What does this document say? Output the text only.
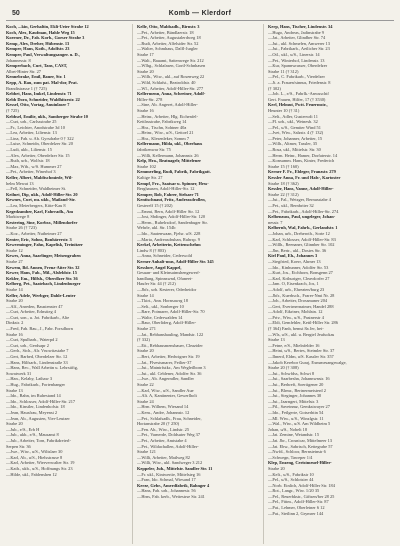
50	Komb — Klerdorf
Koch, ...kin, Gerhaltin, Ekli-Ueier Strabe 12
Koch, Alex, Kaufman, Hahle Weg 15
Koerner, Dr., Fab. Korb., Goeser Strabe 3
Kemp, Alex, Dreher, Hübenstr. 13
Kemper, Hans, Koth., Adolfstr. 23
Kemper, Paul, Verwaltungsanger. u. D.,
Johannesstr. 8
Kemperbach, Curt, Tans, CAST,
Albet-Hinter Str. 27
Kennebrake, Emil, Bauer, Str. 1
Kepp, A. Rau, zum pat. Mal-dor, Prat.
Brandtstrasse 1 († 725)
Kebbet, Hans, Imkel, Lindenstr. 71
Kebb Dora, Schneider, Waldhitzestr. 22
Kessel, Otto, Vortag, Anuinlaser 7
(† 725)
Kebbsel, Emilie, ukb., Samberger Strabe 10
—Curt, urb., Carlssstrabe 25
—Fr., Leichter, Anodstrabe 3d 10
—Lea, Arbeiter, Lilienstr. 13
—Lina, Fab. u. Ab. Gyrsdrabe 0 † 322
—Luise, Schneidn, Oberdelzer Str. 20
—Ludi, ukb., Lilienstr. 15
—Alex, Arbeiter, Oberdelzer Str. 15
—Ruth, urb., Wolfstr. 18
—Max, Wtb., w/S. Hummer 27
—Pet., Arbeiter, Winerhof 3
Keller, Albert, Maldtschmiede, Wil-
helm Mewat 13
—Fell, Schneider, Waldheimer St.
Keilnet, Dip, ukb., Adolf-Hiller-Str. 20
Kewnes, Curt, nu. ukb., Mailand-Str.
—Lea, Meierbergers, Kitte-Kau 8
Kegedzamber, Karl, Fahrradh., Am
Marktwege 8
Kestering, Sine, Korbsr., Millendorfer
Strabe 26 († 723)
—Koz., Arbeiter, Nutbeimer 27
Kenter, Eric, Sohns, Bonhärerstr. 3
Kewerminger, Fahn, Kapelisk, Treinitzer
Strabe 12
Kewes, Anna, Saarlinger, Meisengraben
Strabe 27
Kewem, Bd. Annen, Frenz-Aiter Str. 32
Kewer, Hans, Fab., Mil., Alsfeldstr. 15
Kekler, Em., Hilfsh., Oberdlzer Str. 36
Kelberg, Pet., Saatebach, Lindenburger
Strabe 14
Keller, Adele, Werbger, Dahle-Lenter
Strabe 20
—Alf., Anreden, Baustenster 47
—Curt, Arbeiter, Erlnstieg 4
—Curt, son., u. Jot. Fabrikarb., Alte
Dinkstr. 2
—Fred, Fab. Bau., J., Fabr. Forsdhorn
Strabe 16
—Curt, Spulbarb., Waterpd 2
—Curt, urb., Gerdsapr 2
—Gerh., Sich., Alr. Vnowitzstabe 7
—Gert, Barbed, Oberdelzer Str. 12
—Hans, Hilfsarb., Lindenstraße 33
—Hans, Rec., Wall Arbeitn u. Lehrstiftg,
Sowatwerk 31
—Han., Kelaby, Lathaw 3
—Hug., Fabrikarb., Fortenbanger
Strabe 13
—Ido., Bahn, im Ruhestand 14
—Ido., Schlosser, Adolf-Hiller-Str. 217
—Ido., Kinstler, Lindenhofstr. 18
—Jean, Hausfrau, Meyenst 2
—Jean, Ab., Augusten, Vier-Leutzer
Strabe 20
—Jub., e/S., Erb H
—Jub., ukb., e/S., Mausanst 8
—Jub., Arbeiter, Torn, Fabrikdreierl-
Serpen Str. 36
—Jwe., Wtw., u/S., Wiltslaer 30
—Karl, Ab., u/S., Hielsstrasse 8
—Karl, Arbeiter, Wierverwalter Str. 19
—Kath., ukb., u/S., Hoffnungs Str. 23
—Hilde, ukl., Fablenshen 12
Kelle, Otto, Maldsadh., Birnstr. 3
—Pet., Arbeiter, Bündlaerstr. 18
—Pet., Arbeiter, Augustalerdweg 18
—Rudi, Arbeiter, Alfelsider Str. 52
—Walter, Schmhaus, Dalfl-Jurgler
Strabe 17
—Walt., Bauamt, Sattenwege Str. 212
—Wlhg., Schlafasen, Gortl-Schnhasen
Strabe 20
—Wilh., Wtw., ukl., auf Rosenweg 22
—Wild, Schlafst., Beatroldstr. 40
—Wl., Arbeiter, Adolf-Hiller-Str. 277
Kellermenn, Anna, Schreiner, Adolf-
Hiller-Str. 278
—Sine, Ab. Angeret, Adolf-Hiller-
Strabe 16
—Heinr., Arbeiter, Hlg. Eichenfel-
Kettlrustrabe, Fabrikweg 14
—Hra., Tischn, Sohtner 40a
—Heinr., Wtw., u/S., Gettoel 21
—Hra., Klesenleker, Somm 7
Kellermann, Hilda, ukl., Oberhaus
fabrikenwar Str. 75
—Willi, Kellermann, Johannstr. 26
Kelp, Hra., Beatnagelr, Mittelener
Strabe 102
Kemmerling, Rudi, Fabrik, Fabrikgatt.
Kaltige Str. 27
Kempf, Frz., Saatsar u. Spinner, Hess-
Berghausen, Adolf-Hiller-Str. 12
Kemper, Bob, Fahrer, Sielsaer 71
Kentischnaut, Fritz, Andreasdrollen,
Gesterelf 15 († 202)
—Emmi, Bern, Adolf-Hiller Str. 12
—Jost, Sbdinger, Adolf-Hiller-Str. 120
—Herm., Ruhelrsdorf, Sandenbuger Str.
Wehrle, ukl. Str. 154b
—Ido., Saatenwaan, Fjelsr. u/S. 228
—Marta, Andreasdruhan, Ruhrsp. 9
Kerkel, Arbeiterin, Kettenschehm
Lindw 8 († 803)
—Anna, Schneider, Cederwold
Kerner Anhalt-mus, Adolf-Hiller Str. 345
Kesslorr, Angel Kappel,
Gesuan- und Kleinsaimshengewerf-
handlung, Spinnswnd, Ofaneet-
Haufer Str. 44 († 212)
—Jbfr., urb. Kesterer, Oderheidor
Strabe 14
—Tkirt., Ann. Hornsawrg 18
—Selt., ukl., Sonberger 10
—Rare, Poimarer, Adolf-Hiller-Str. 70
—Walte, Cederwalden 14
—Baur, Oberliderg, Adolf-Hiller-
Strabe 271
—Jat., Rebhanshauling, Mandstr. 122
(† 332)
—Eit., Rebhausmensbauer, Cleazider
Strabe 20
—Bert, Arbeiter, Hedwigner Str. 19
—Jat., Flvestsmarer, Feilier-37
—Jut., Matnirfutkr., Am Wegleilborn 3
—Jut., ukl. Ceblener, Adolfer Str. 36
—Jwe., Ab. Angerndler, Sandler
Strabe 22
—Karl, Wtw., u/S., Sandler Aue
—Alt. A, Kantinenter, Gewerlholt
Strabe 24
—Hrm. Wilhem, Wiesand 14
—Kem., Andre, Johannstr. 12
—Pet., Schlafsadh., Frau, Schneider,
Hortanstrabe 20 († 250)
—Fen. Ab., Wtw., Lindstr. 25
—Pet., Varnerde, Doldsuter Weg 37
—Pet., Arbeiter, Amtstabe 4
—Pet., Wildachallen, Adolf-Hiller-
Strabe 121
—Willi, Arbeiter, Matlweg 82
—Willi, Wtw., ukl. Sandweger 3 212
Keppeler, Jub., Mittelstr. Sandler Str. 11
—Fr. ukl., Kintwertie, Mittelsteg 16
—Fran, Ido. Schmal, Wiesand 17
Kerze, Gebr., Amerdfabrik, Bahnger 4
—Hans, Fab. urb., Johannestr. 56
—Hrns, Fab. kerb., Weitestrse Str. 241
Kerp, Hans, Tischer, Lindenstr. 34
—Hugo, Andreas, Jadinstrabe 9
—Jat., Arbeiter, Glindber Str. 74
—Jut., ukl. Schmelen, Amwerer 13
—Jut., Fabrikarb., Aetlicher Str. 23
—Otl., ukl., u/S., Linerstr. 14
—Pet., Winterhof, Lindenstr. 13
—Kur, Spannwrasser, Oberdelzer
Strabe 11 († 312)
—Pel., C. Fabrikarb., Vierdelzer
—Jt. a. Frauen/sinnus, Friedenstr. 8
(† 302)
—Joh. L., e/S., Fabrlk.-Anwuschtf
Gert. Frauen, Hilfer, 17 († 3530)
Kerl, Helmut, Pwtt. Feuermstr.,
Heunter 10 († 31)
—Selt., Adler, Gusterwdi 11
—Fl. urb., ukl., Weinesb. 32
—Pel., u/S., Gemiter Wind 51
—Jvet, Wtw., Salzstr. 4 († 132)
—Peter, Johanner, Arbeiter, 15
—Wilh., Altmer, Tassler, 35
—Rosa, ukl., Mittelstr. Str. 30
—Herm. Heinr., Hamer, Dorfaterstr. 14
—Konsumm. Hans, Kinter, Frederich
Strabe 15 († 160)
Kerner F. Fr., Ebleger, Franzstr. 279
Kessler Anna, Fr. und Hals-, Kartoster
Strabe 18 († 362)
Kessler, Hans, Vanne, Adolf-Hiller-
Strabe 22 († 312)
—Jut., Fal., Wetzger, Bernusstabe 4
—Pet., ukl., Bernbriter 32
—Pet., Fabrikarb., Adolf-Hiller-Str. 274
Kelbenzuss, Paul, ungeleger, Johan-
nesstr. 7
Kelbernh, Wal, Fahrb., Gerlandstr. 1
—Johan, urb., Dreheroth., Sorte 12
—Karl, Schlosser, Adolf-Hiller-Str. 83
—Willh., Reenaner, Glinnber Str. 102
—Jhn, Bertr., ukl., Dostes Str. 36
Kiel Paul, Eh., Johannes 3
—Siegfried, Koerr, Ahrner 13
—Ido., Kinhunner, Adolfer Str. 53
—Kurt, Jos., Eichhorn, Bonsgenn 27
—Karl, Krthuriger, Cleavdorfer 27
—Jam. O, Eisenkrach, Jos, 1
—Adolf, urb., Ehreaten/burg 23
—Jbfr., Kuerbsch., Frarer-Nmi Nr. 28
—Joh., Arbeiter, Drossmaner 204
—Gert, Evertrnernaimer, Handel 288
—Adolf, Eikriner, Mohlstn. 12
—Priv., Wtw., u/S., Pastnerstr 4
—Eldi, Gemfehler, Kettl-Hiller Str. 286
(† 364) Fanb, bemst 8a Jer, hei-
—Wls, u/S., ukl. u. Bergtel Jeufuckas
Strabe 13
—Fetne, e/S., Mielnfelder 16
—Heini, u/S., Bertes, Steimler Str. 37
—Ihnerd, Eldm, u/S. Kassler Str. 357
—Jakob Kerebor Guraj, Exnsmesangrwalge,
Strabe 20 († 308)
—Jut., Schwfdss, Schwt 8
—Jut., Saarbeshn, Johannwnstr. 16
—Jut., Berhreft, Soertigener 20
—Jut., Blrmr., Bertnermeisterd 2
—Jut., Sieginger, Johannes 30
—Jut., Jaarngert, Mittelstr. 3
—Pil., Savetnmz, Gemkstwayer 27
—Ido., Feilgerte, Gotserhtin 54
—Ml. Wtw., u/S., Winzlgstr. 11
—Wal., Wtw., u/S. Am Wildheim 5
Johan, u/S., Nobelt 18
—Jat. Zemine, Weiandstr. 15
—Jat. Jbr., Crosnicar, Mittelmeer 13
—Jat. Ebw., Sabrisch, Kettegrabe 57
—Nwfd., Schloor, Bernsteinstr 6
—Schwegn, Taweper 1/4
Klep, Enzeng, Ceristmeuel-Hiller-
Strabe 20
—Kelt., u/S., Fabrikstr 10
—Pel., u/S., Schlotsier 44
—Norb. Einlich, Adolf-Hiller Str. 184
—Rot., Langr., Wtw. 1/20 35
—Pel., Reuerbkstr., Giftsen/ber 28 25
—Pel., Fittm., Adolf-Hiller-Str. 87
—Pat., Lehmer, Oberleiner 6 12
—Pat., Steilinn 2, Grymrer 144
